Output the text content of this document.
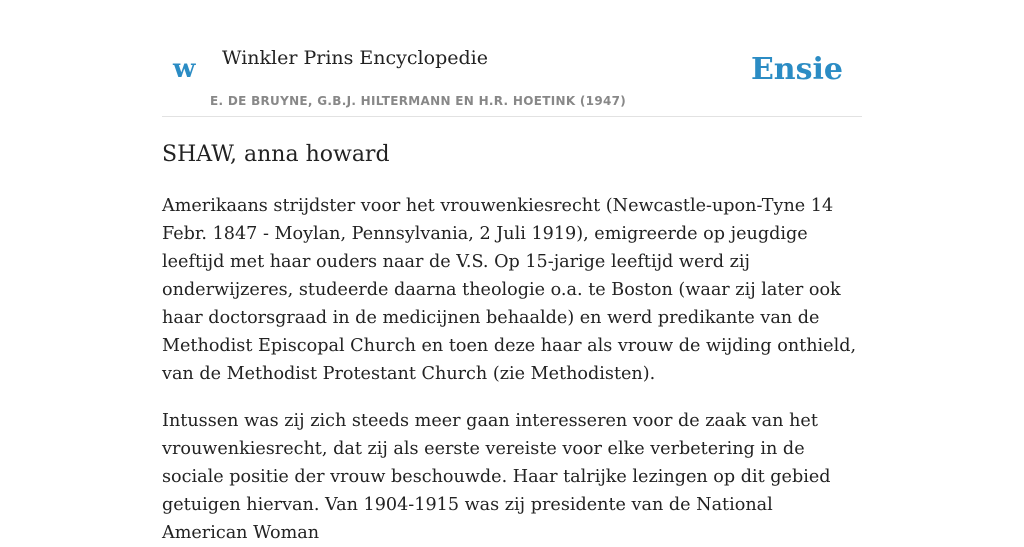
w Winkler Prins Encyclopedie
E. DE BRUYNE, G.B.J. HILTERMANN EN H.R. HOETINK (1947)
Ensie
SHAW, anna howard

Amerikaans strijdster voor het vrouwenkiesrecht (Newcastle-upon-Tyne 14 Febr. 1847 - Moylan, Pennsylvania, 2 Juli 1919), emigreerde op jeugdige leeftijd met haar ouders naar de V.S. Op 15-jarige leeftijd werd zij onderwijzeres, studeerde daarna theologie o.a. te Boston (waar zij later ook haar doctorsgraad in de medicijnen behaalde) en werd predikante van de Methodist Episcopal Church en toen deze haar als vrouw de wijding onthield, van de Methodist Protestant Church (zie Methodisten).

Intussen was zij zich steeds meer gaan interesseren voor de zaak van het vrouwenkiesrecht, dat zij als eerste vereiste voor elke verbetering in de sociale positie der vrouw beschouwde. Haar talrijke lezingen op dit gebied getuigen hiervan. Van 1904-1915 was zij presidente van de National American Woman
